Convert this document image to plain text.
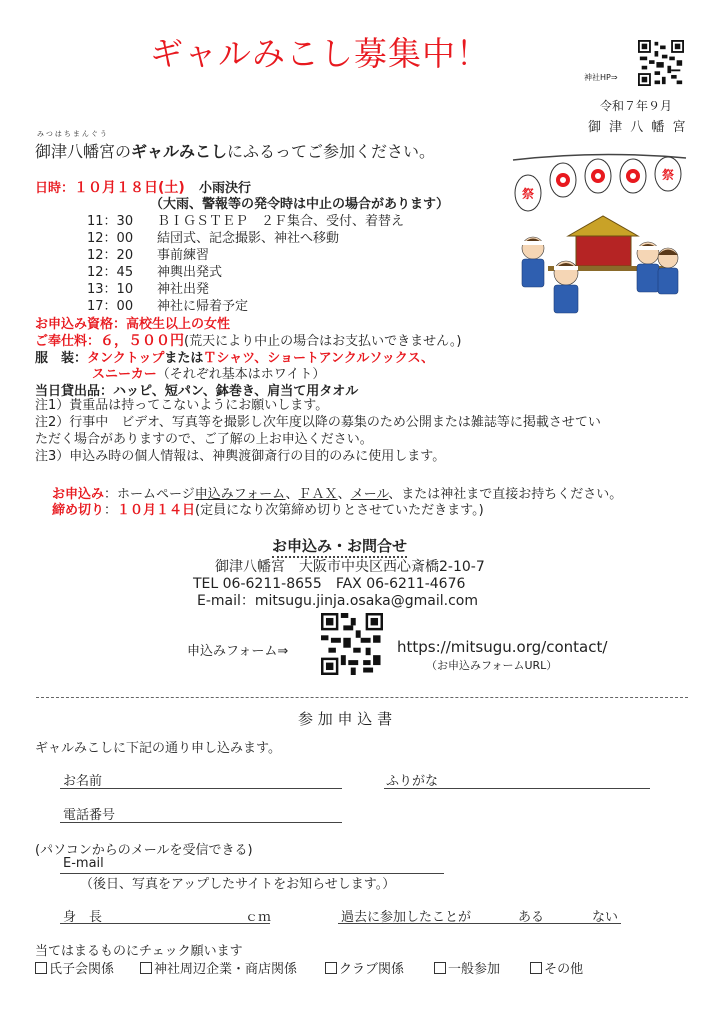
ギャルみこし募集中！
神社HP⇒
令和７年９月
御 津 八 幡 宮
みつはちまんぐう
御津八幡宮のギャルみこしにふるってご参加ください。
祭
祭
日時：１０月１８日(土) 小雨決行
（大雨、警報等の発令時は中止の場合があります）
11：30 ＢＩＧＳＴＥＰ　２Ｆ集合、受付、着替え
12：00 結団式、記念撮影、神社へ移動
12：20 事前練習
12：45 神輿出発式
13：10 神社出発
17：00 神社に帰着予定
お申込み資格：高校生以上の女性
ご奉仕料：６，５００円(荒天により中止の場合はお支払いできません。)
服　装：タンクトップまたはＴシャツ、ショートアンクルソックス、
スニーカー（それぞれ基本はホワイト）
当日貸出品：ハッピ、短パン、鉢巻き、肩当て用タオル
注1）貴重品は持ってこないようにお願いします。
注2）行事中　ビデオ、写真等を撮影し次年度以降の募集のため公開または雑誌等に掲載させてい
ただく場合がありますので、ご了解の上お申込ください。
注3）申込み時の個人情報は、神輿渡御斎行の目的のみに使用します。
お申込み：ホームページ申込みフォーム、ＦＡＸ、メール、または神社まで直接お持ちください。
締め切り：１０月１４日(定員になり次第締め切りとさせていただきます。)
お申込み・お問合せ
御津八幡宮　大阪市中央区西心斎橋2-10-7
TEL 06-6211-8655　FAX 06-6211-4676
E-mail：mitsugu.jinja.osaka@gmail.com
申込みフォーム⇒	https://mitsugu.org/contact/
（お申込みフォームURL）
参 加 申 込 書
ギャルみこしに下記の通り申し込みます。
お名前	ふりがな
電話番号
(パソコンからのメールを受信できる)
E-mail
（後日、写真をアップしたサイトをお知らせします。）
身　長	ｃｍ	過去に参加したことが	ある	ない
当てはまるものにチェック願います
氏子会関係	神社周辺企業・商店関係	クラブ関係	一般参加	その他
